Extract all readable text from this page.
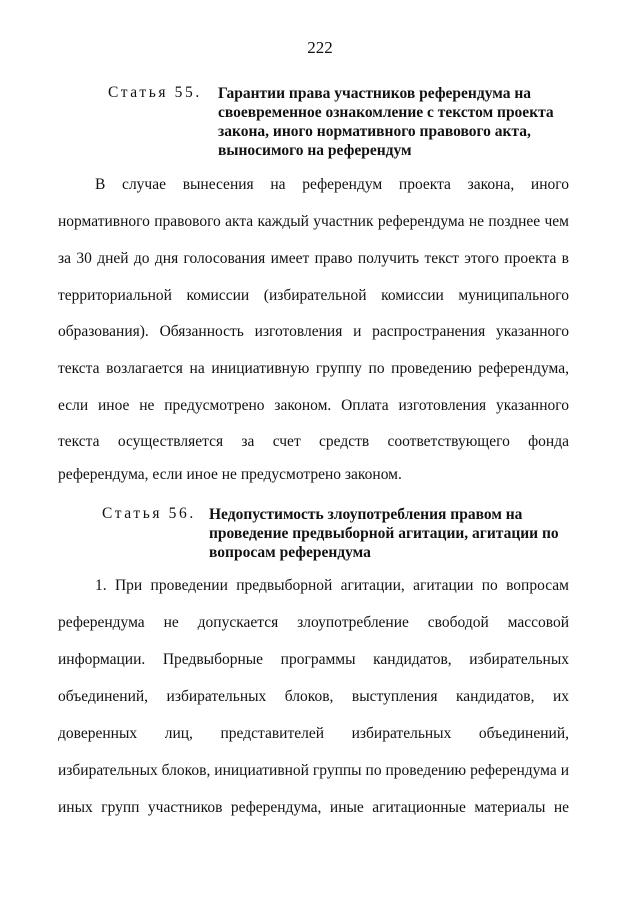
222
Статья 55. Гарантии права участников референдума на
своевременное ознакомление с текстом проекта
закона, иного нормативного правового акта,
выносимого на референдум
В случае вынесения на референдум проекта закона, иного
нормативного правового акта каждый участник референдума не позднее чем
за 30 дней до дня голосования имеет право получить текст этого проекта в
территориальной комиссии (избирательной комиссии муниципального
образования). Обязанность изготовления и распространения указанного
текста возлагается на инициативную группу по проведению референдума,
если иное не предусмотрено законом. Оплата изготовления указанного
текста осуществляется за счет средств соответствующего фонда
референдума, если иное не предусмотрено законом.
Статья 56. Недопустимость злоупотребления правом на
проведение предвыборной агитации, агитации по
вопросам референдума
1. При проведении предвыборной агитации, агитации по вопросам
референдума не допускается злоупотребление свободой массовой
информации. Предвыборные программы кандидатов, избирательных
объединений, избирательных блоков, выступления кандидатов, их
доверенных лиц, представителей избирательных объединений,
избирательных блоков, инициативной группы по проведению референдума и
иных групп участников референдума, иные агитационные материалы не
